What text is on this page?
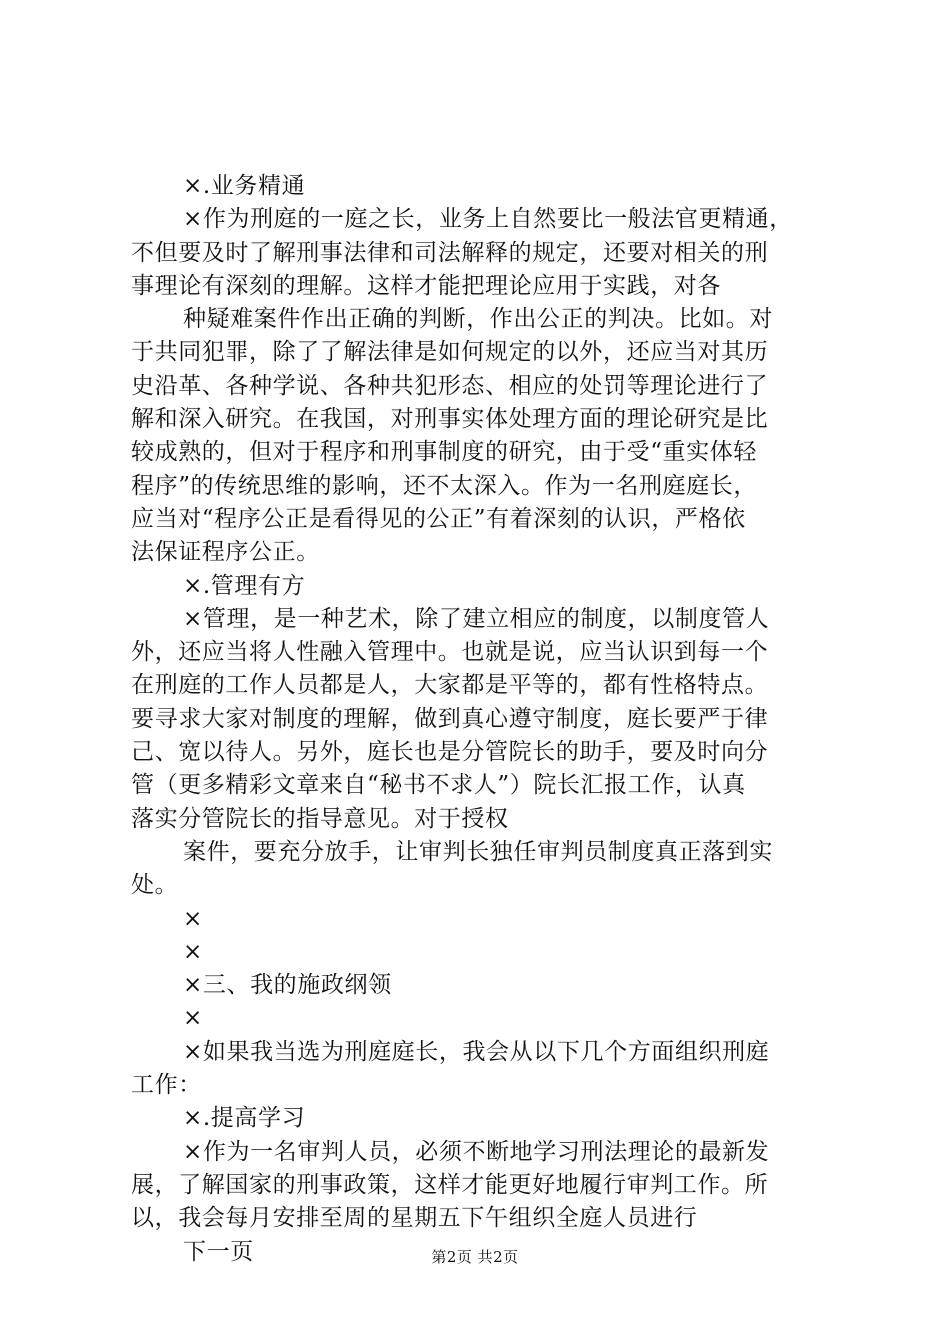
×.业务精通
×作为刑庭的一庭之长，业务上自然要比一般法官更精通，
不但要及时了解刑事法律和司法解释的规定，还要对相关的刑
事理论有深刻的理解。这样才能把理论应用于实践，对各
种疑难案件作出正确的判断，作出公正的判决。比如。对
于共同犯罪，除了了解法律是如何规定的以外，还应当对其历
史沿革、各种学说、各种共犯形态、相应的处罚等理论进行了
解和深入研究。在我国，对刑事实体处理方面的理论研究是比
较成熟的，但对于程序和刑事制度的研究，由于受“重实体轻
程序”的传统思维的影响，还不太深入。作为一名刑庭庭长，
应当对“程序公正是看得见的公正”有着深刻的认识，严格依
法保证程序公正。
×.管理有方
×管理，是一种艺术，除了建立相应的制度，以制度管人
外，还应当将人性融入管理中。也就是说，应当认识到每一个
在刑庭的工作人员都是人，大家都是平等的，都有性格特点。
要寻求大家对制度的理解，做到真心遵守制度，庭长要严于律
己、宽以待人。另外，庭长也是分管院长的助手，要及时向分
管（更多精彩文章来自“秘书不求人”）院长汇报工作，认真
落实分管院长的指导意见。对于授权
案件，要充分放手，让审判长独任审判员制度真正落到实
处。
×
×
×三、我的施政纲领
×
×如果我当选为刑庭庭长，我会从以下几个方面组织刑庭
工作：
×.提高学习
×作为一名审判人员，必须不断地学习刑法理论的最新发
展，了解国家的刑事政策，这样才能更好地履行审判工作。所
以，我会每月安排至周的星期五下午组织全庭人员进行
下一页	第2页 共2页
